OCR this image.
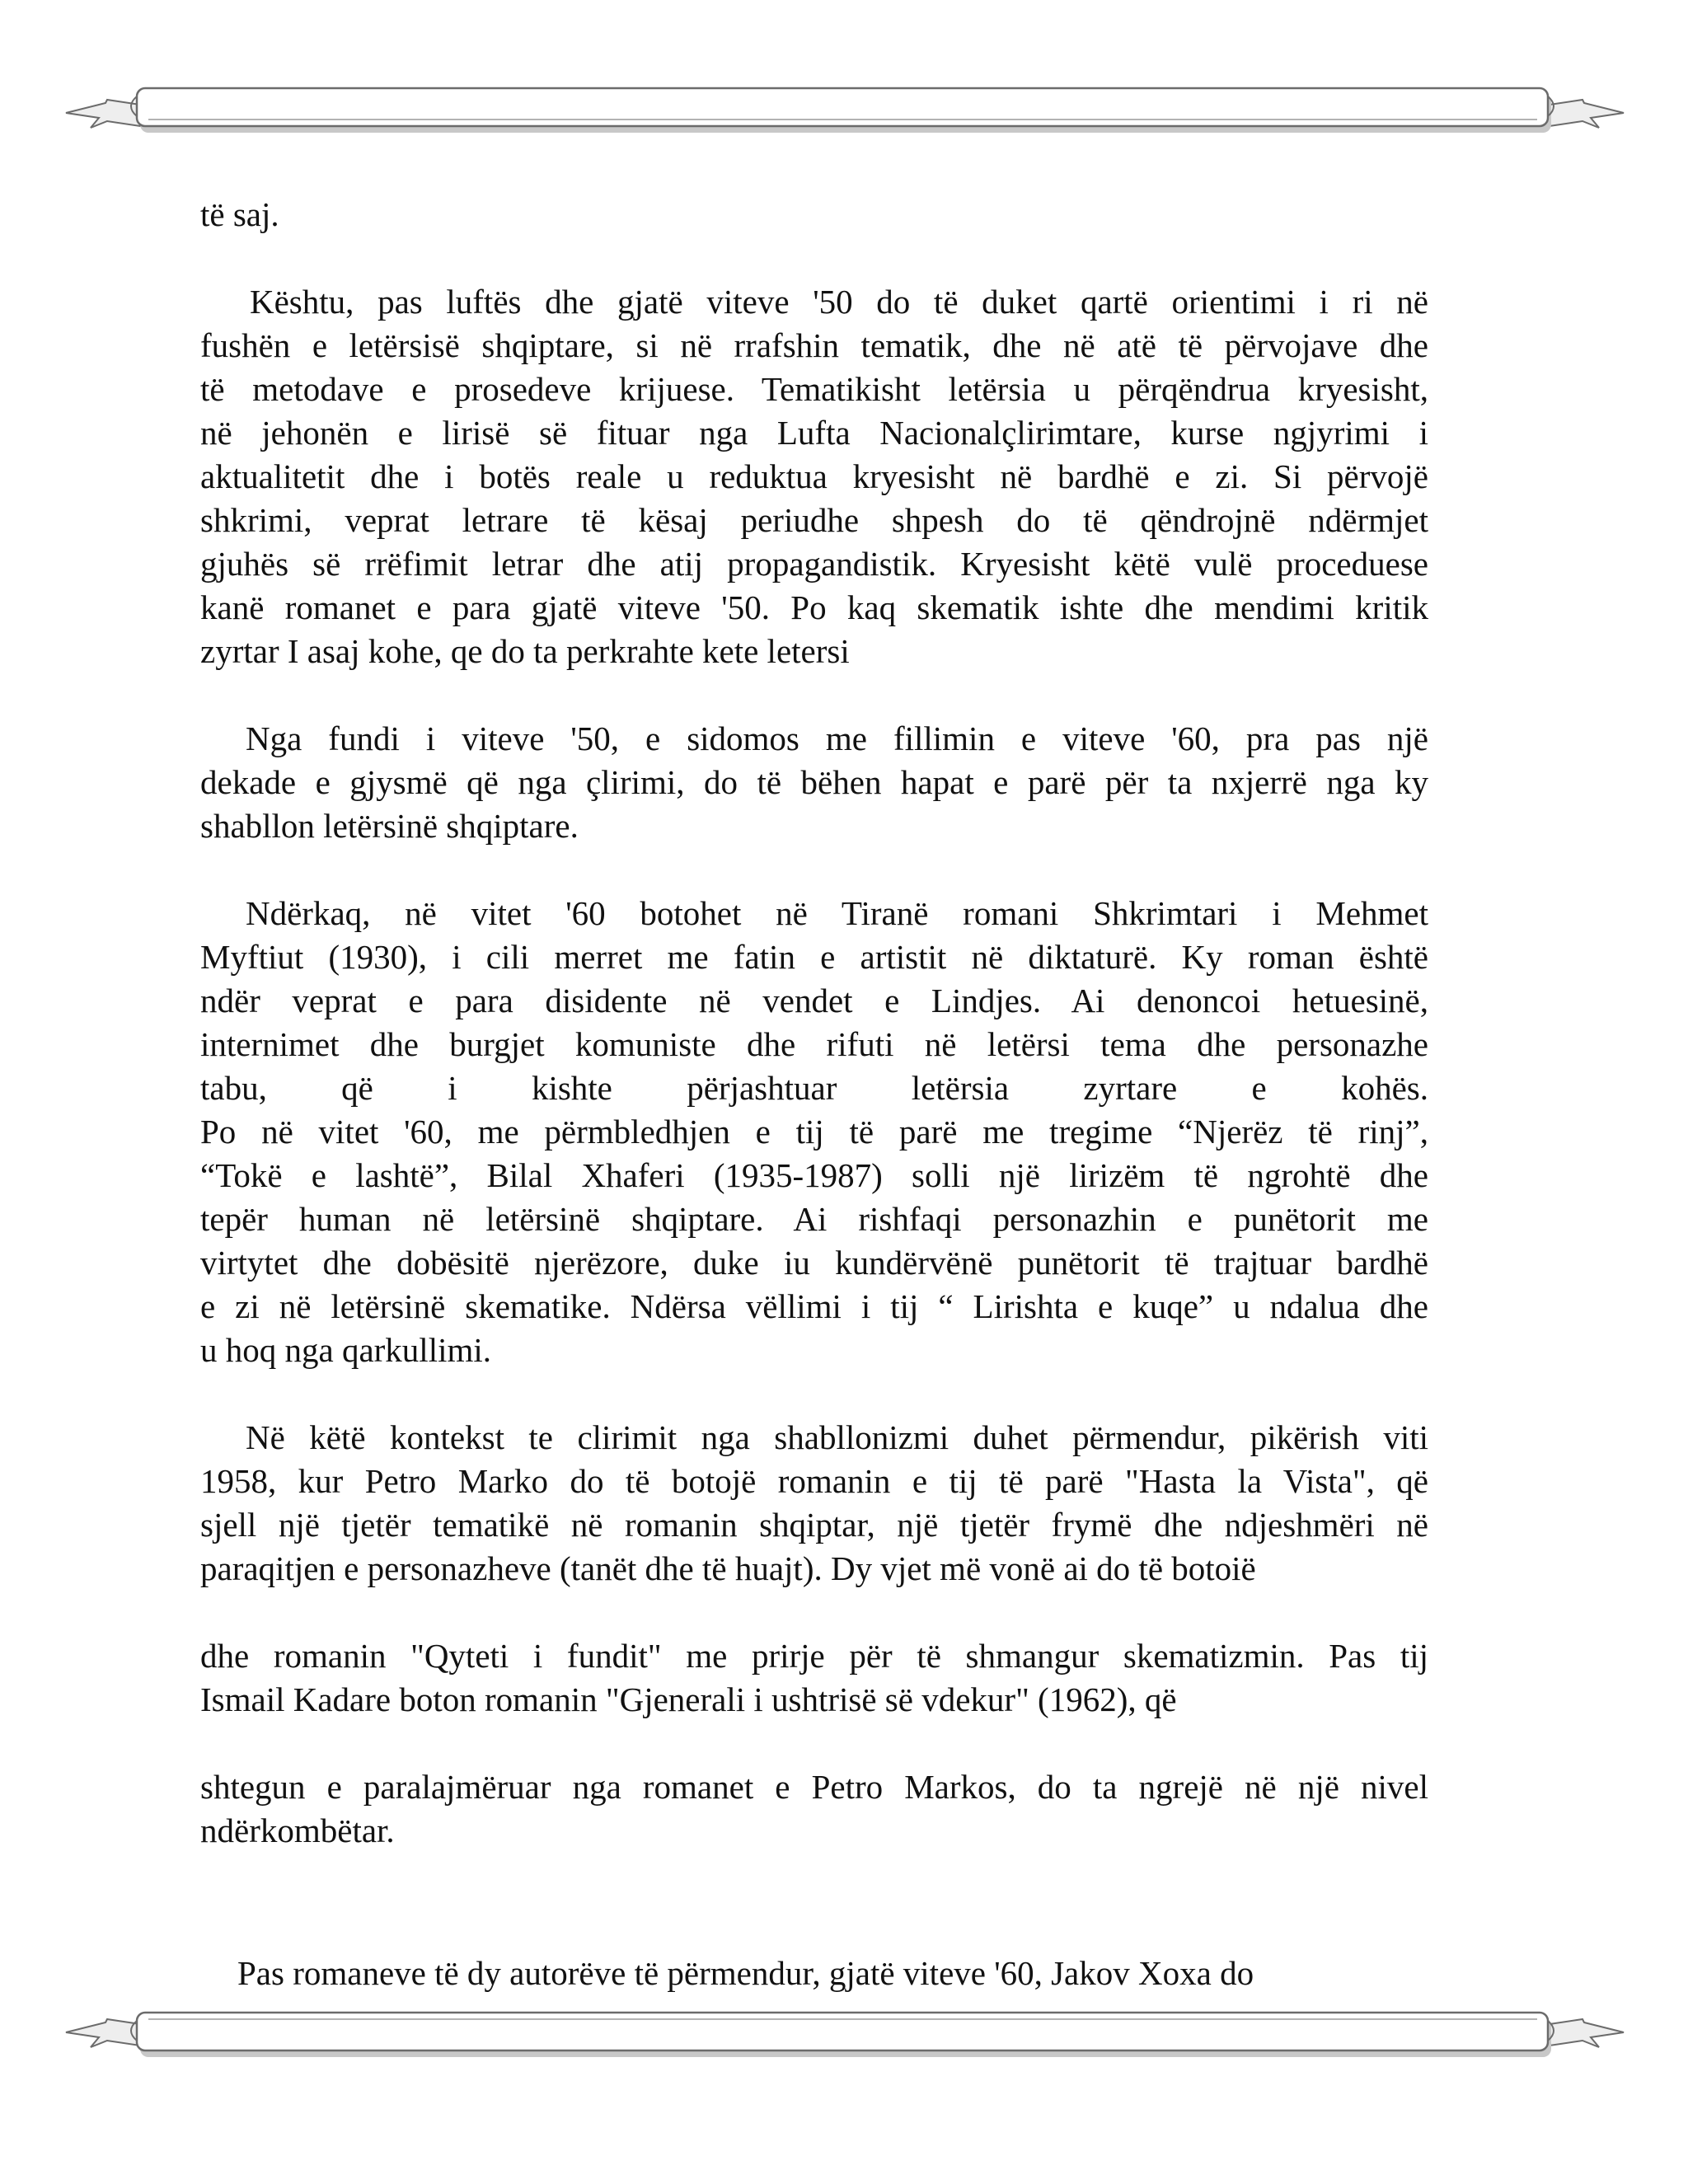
të saj.

Kështu, pas luftës dhe gjatë viteve '50 do të duket qartë orientimi i ri në
fushën e letërsisë shqiptare, si në rrafshin tematik, dhe në atë të përvojave dhe
të metodave e prosedeve krijuese. Tematikisht letërsia u përqëndrua kryesisht,
në jehonën e lirisë së fituar nga Lufta Nacionalçlirimtare, kurse ngjyrimi i
aktualitetit dhe i botës reale u reduktua kryesisht në bardhë e zi. Si përvojë
shkrimi, veprat letrare të kësaj periudhe shpesh do të qëndrojnë ndërmjet
gjuhës së rrëfimit letrar dhe atij propagandistik. Kryesisht këtë vulë proceduese
kanë romanet e para gjatë viteve '50. Po kaq skematik ishte dhe mendimi kritik
zyrtar I asaj kohe, qe do ta perkrahte kete letersi

Nga fundi i viteve '50, e sidomos me fillimin e viteve '60, pra pas një
dekade e gjysmë që nga çlirimi, do të bëhen hapat e parë për ta nxjerrë nga ky
shabllon letërsinë shqiptare.

Ndërkaq, në vitet '60 botohet në Tiranë romani Shkrimtari i Mehmet
Myftiut (1930), i cili merret me fatin e artistit në diktaturë. Ky roman është
ndër veprat e para disidente në vendet e Lindjes. Ai denoncoi hetuesinë,
internimet dhe burgjet komuniste dhe rifuti në letërsi tema dhe personazhe
tabu, që i kishte përjashtuar letërsia zyrtare e kohës.
Po në vitet '60, me përmbledhjen e tij të parë me tregime “Njerëz të rinj”,
“Tokë e lashtë”, Bilal Xhaferi (1935-1987) solli një lirizëm të ngrohtë dhe
tepër human në letërsinë shqiptare. Ai rishfaqi personazhin e punëtorit me
virtytet dhe dobësitë njerëzore, duke iu kundërvënë punëtorit të trajtuar bardhë
e zi në letërsinë skematike. Ndërsa vëllimi i tij “ Lirishta e kuqe” u ndalua dhe
u hoq nga qarkullimi.

Në këtë kontekst te clirimit nga shabllonizmi duhet përmendur, pikërish viti
1958, kur Petro Marko do të botojë romanin e tij të parë "Hasta la Vista", që
sjell një tjetër tematikë në romanin shqiptar, një tjetër frymë dhe ndjeshmëri në
paraqitjen e personazheve (tanët dhe të huajt). Dy vjet më vonë ai do të botoië

dhe romanin "Qyteti i fundit" me prirje për të shmangur skematizmin. Pas tij
Ismail Kadare boton romanin "Gjenerali i ushtrisë së vdekur" (1962), që

shtegun e paralajmëruar nga romanet e Petro Markos, do ta ngrejë në një nivel
ndërkombëtar.

Pas romaneve të dy autorëve të përmendur, gjatë viteve '60, Jakov Xoxa do
